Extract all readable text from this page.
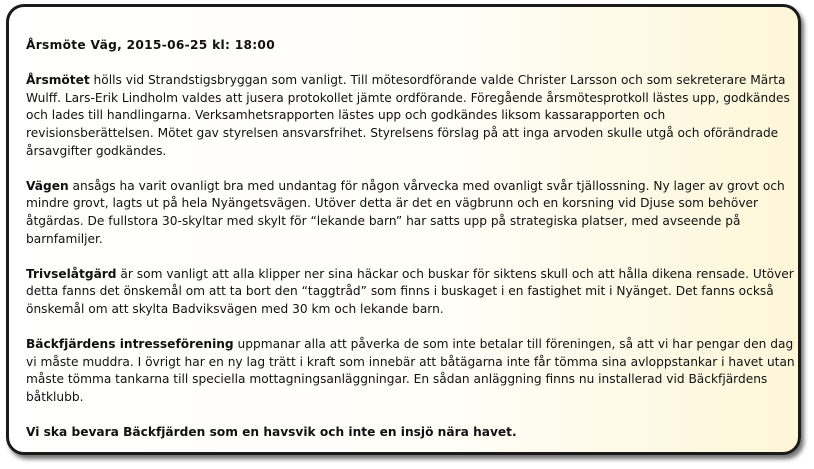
Årsmöte Väg, 2015-06-25 kl: 18:00

Årsmötet hölls vid Strandstigsbryggan som vanligt. Till mötesordförande valde Christer Larsson och som sekreterare Märta Wulff. Lars-Erik Lindholm valdes att jusera protokollet jämte ordförande. Föregående årsmötesprotkoll lästes upp, godkändes och lades till handlingarna. Verksamhetsrapporten lästes upp och godkändes liksom kassarapporten och revisionsberättelsen. Mötet gav styrelsen ansvarsfrihet. Styrelsens förslag på att inga arvoden skulle utgå och oförändrade årsavgifter godkändes.

Vägen ansågs ha varit ovanligt bra med undantag för någon vårvecka med ovanligt svår tjällossning. Ny lager av grovt och mindre grovt, lagts ut på hela Nyängetsvägen. Utöver detta är det en vägbrunn och en korsning vid Djuse som behöver åtgärdas. De fullstora 30-skyltar med skylt för “lekande barn” har satts upp på strategiska platser, med avseende på barnfamiljer.

Trivselåtgärd är som vanligt att alla klipper ner sina häckar och buskar för siktens skull och att hålla dikena rensade. Utöver detta fanns det önskemål om att ta bort den “taggtråd” som finns i buskaget i en fastighet mit i Nyänget. Det fanns också önskemål om att skylta Badviksvägen med 30 km och lekande barn.

Bäckfjärdens intresseförening uppmanar alla att påverka de som inte betalar till föreningen, så att vi har pengar den dag vi måste muddra. I övrigt har en ny lag trätt i kraft som innebär att båtägarna inte får tömma sina avloppstankar i havet utan måste tömma tankarna till speciella mottagningsanläggningar. En sådan anläggning finns nu installerad vid Bäckfjärdens båtklubb.

Vi ska bevara Bäckfjärden som en havsvik och inte en insjö nära havet.
